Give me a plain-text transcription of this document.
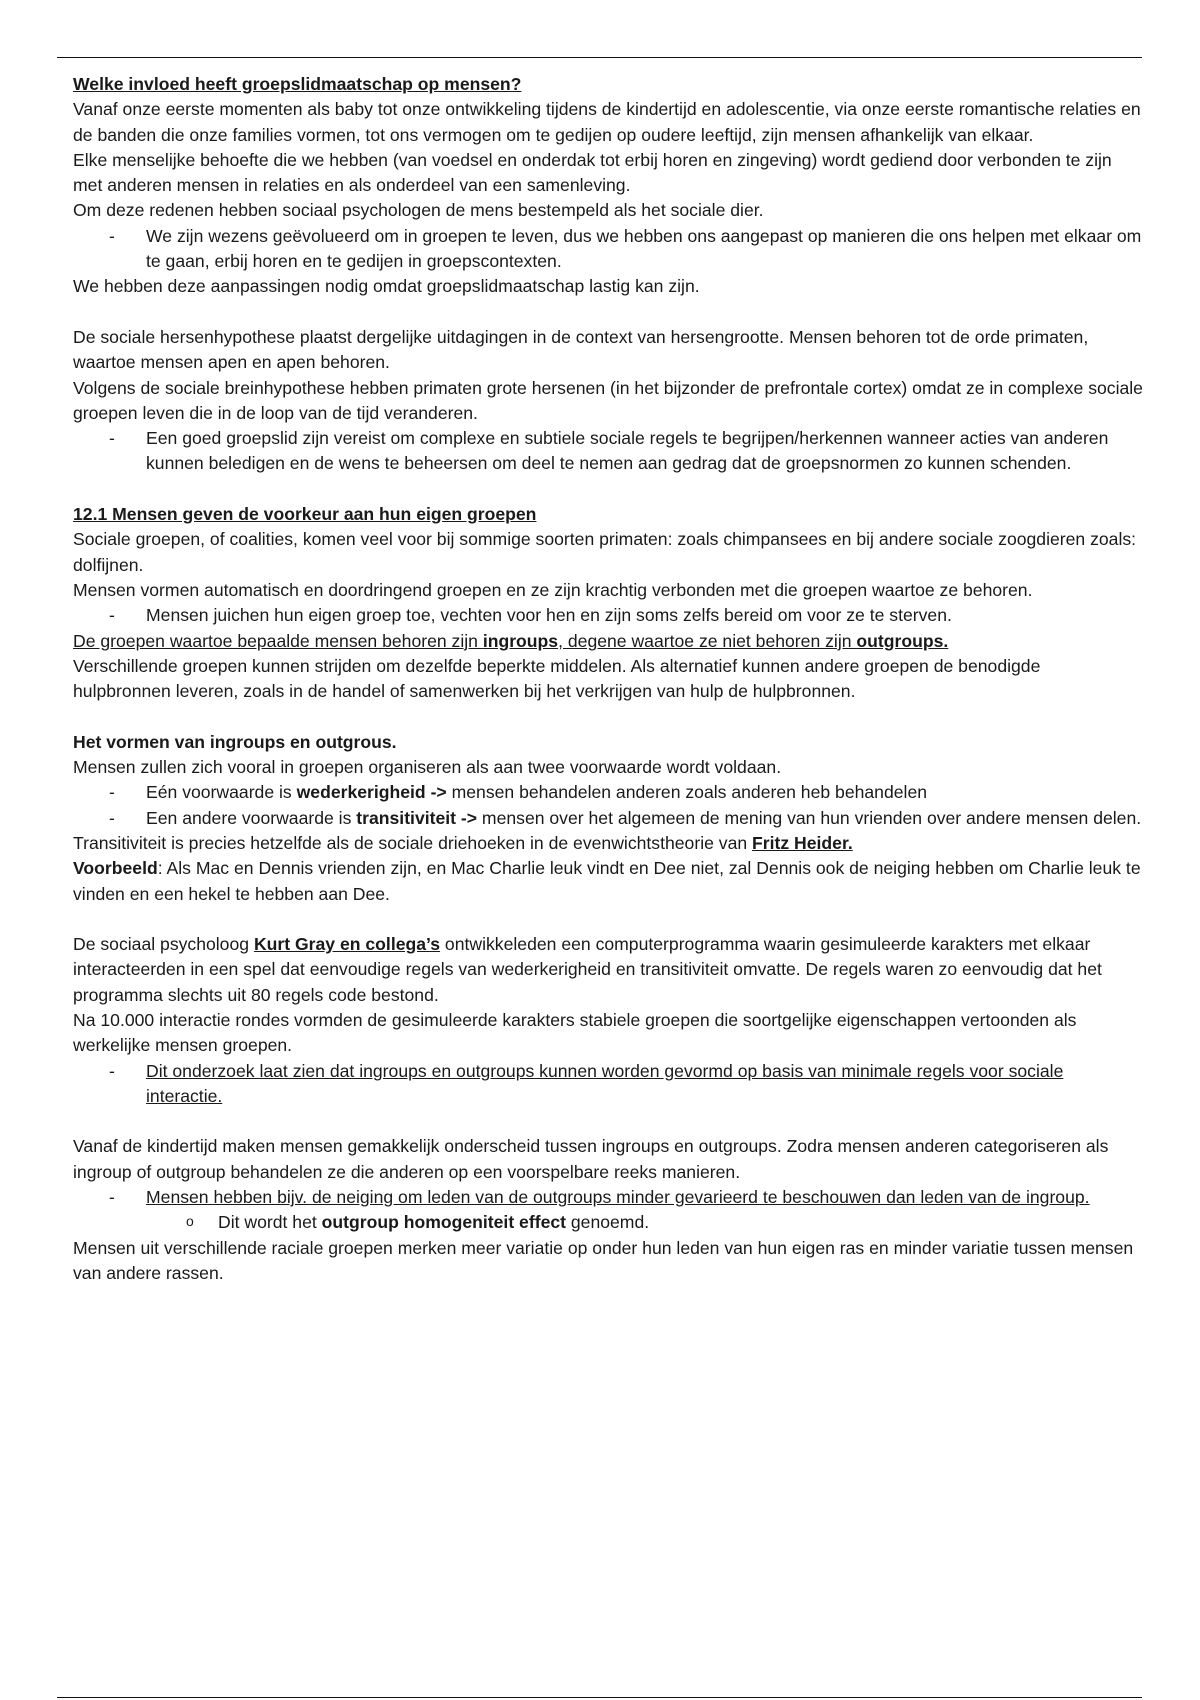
Welke invloed heeft groepslidmaatschap op mensen?

Vanaf onze eerste momenten als baby tot onze ontwikkeling tijdens de kindertijd en adolescentie, via onze eerste romantische relaties en de banden die onze families vormen, tot ons vermogen om te gedijen op oudere leeftijd, zijn mensen afhankelijk van elkaar.

Elke menselijke behoefte die we hebben (van voedsel en onderdak tot erbij horen en zingeving) wordt gediend door verbonden te zijn met anderen mensen in relaties en als onderdeel van een samenleving.

Om deze redenen hebben sociaal psychologen de mens bestempeld als het sociale dier.

- We zijn wezens geëvolueerd om in groepen te leven, dus we hebben ons aangepast op manieren die ons helpen met elkaar om te gaan, erbij horen en te gedijen in groepscontexten.

We hebben deze aanpassingen nodig omdat groepslidmaatschap lastig kan zijn.

De sociale hersenhypothese plaatst dergelijke uitdagingen in de context van hersengrootte. Mensen behoren tot de orde primaten, waartoe mensen apen en apen behoren.

Volgens de sociale breinhypothese hebben primaten grote hersenen (in het bijzonder de prefrontale cortex) omdat ze in complexe sociale groepen leven die in de loop van de tijd veranderen.

- Een goed groepslid zijn vereist om complexe en subtiele sociale regels te begrijpen/herkennen wanneer acties van anderen kunnen beledigen en de wens te beheersen om deel te nemen aan gedrag dat de groepsnormen zo kunnen schenden.

12.1 Mensen geven de voorkeur aan hun eigen groepen

Sociale groepen, of coalities, komen veel voor bij sommige soorten primaten: zoals chimpansees en bij andere sociale zoogdieren zoals: dolfijnen.

Mensen vormen automatisch en doordringend groepen en ze zijn krachtig verbonden met die groepen waartoe ze behoren.

- Mensen juichen hun eigen groep toe, vechten voor hen en zijn soms zelfs bereid om voor ze te sterven.

De groepen waartoe bepaalde mensen behoren zijn ingroups, degene waartoe ze niet behoren zijn outgroups.

Verschillende groepen kunnen strijden om dezelfde beperkte middelen. Als alternatief kunnen andere groepen de benodigde hulpbronnen leveren, zoals in de handel of samenwerken bij het verkrijgen van hulp de hulpbronnen.

Het vormen van ingroups en outgrous.

Mensen zullen zich vooral in groepen organiseren als aan twee voorwaarde wordt voldaan.

- Eén voorwaarde is wederkerigheid -> mensen behandelen anderen zoals anderen heb behandelen

- Een andere voorwaarde is transitiviteit -> mensen over het algemeen de mening van hun vrienden over andere mensen delen.

Transitiviteit is precies hetzelfde als de sociale driehoeken in de evenwichtstheorie van Fritz Heider.

Voorbeeld: Als Mac en Dennis vrienden zijn, en Mac Charlie leuk vindt en Dee niet, zal Dennis ook de neiging hebben om Charlie leuk te vinden en een hekel te hebben aan Dee.

De sociaal psycholoog Kurt Gray en collega’s ontwikkeleden een computerprogramma waarin gesimuleerde karakters met elkaar interacteerden in een spel dat eenvoudige regels van wederkerigheid en transitiviteit omvatte. De regels waren zo eenvoudig dat het programma slechts uit 80 regels code bestond.

Na 10.000 interactie rondes vormden de gesimuleerde karakters stabiele groepen die soortgelijke eigenschappen vertoonden als werkelijke mensen groepen.

- Dit onderzoek laat zien dat ingroups en outgroups kunnen worden gevormd op basis van minimale regels voor sociale interactie.

Vanaf de kindertijd maken mensen gemakkelijk onderscheid tussen ingroups en outgroups. Zodra mensen anderen categoriseren als ingroup of outgroup behandelen ze die anderen op een voorspelbare reeks manieren.

- Mensen hebben bijv. de neiging om leden van de outgroups minder gevarieerd te beschouwen dan leden van de ingroup.

o Dit wordt het outgroup homogeniteit effect genoemd.

Mensen uit verschillende raciale groepen merken meer variatie op onder hun leden van hun eigen ras en minder variatie tussen mensen van andere rassen.
